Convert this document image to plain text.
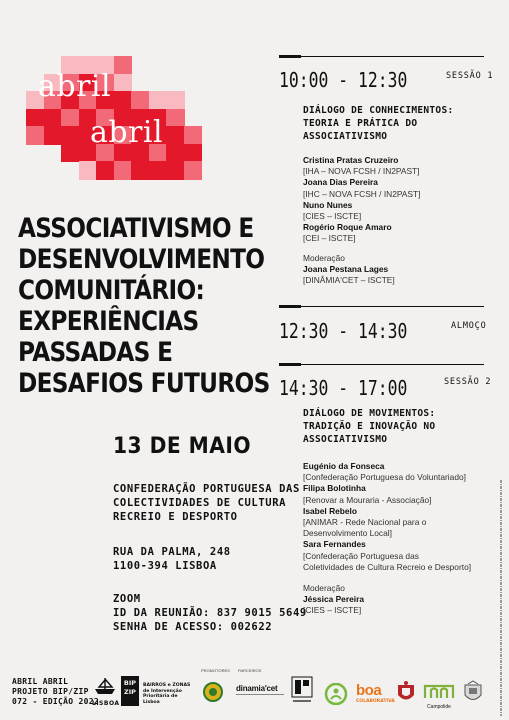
abril
abril
ASSOCIATIVISMO E
DESENVOLVIMENTO
COMUNITÁRIO:
EXPERIÊNCIAS
PASSADAS E
DESAFIOS FUTUROS
13 DE MAIO
CONFEDERAÇÃO PORTUGUESA DAS
COLECTIVIDADES DE CULTURA
RECREIO E DESPORTO
RUA DA PALMA, 248
1100-394 LISBOA
ZOOM
ID DA REUNIÃO: 837 9015 5649
SENHA DE ACESSO: 002622
10:00 - 12:30	SESSÃO 1
DIÁLOGO DE CONHECIMENTOS:
TEORIA E PRÁTICA DO
ASSOCIATIVISMO
Cristina Pratas Cruzeiro
[IHA – NOVA FCSH / IN2PAST]
Joana Dias Pereira
[IHC – NOVA FCSH / IN2PAST]
Nuno Nunes
[CIES – ISCTE]
Rogério Roque Amaro
[CEI – ISCTE]
Moderação
Joana Pestana Lages
[DINÂMIA'CET – ISCTE]
12:30 - 14:30	ALMOÇO
14:30 - 17:00	SESSÃO 2
DIÁLOGO DE MOVIMENTOS:
TRADIÇÃO E INOVAÇÃO NO
ASSOCIATIVISMO
Eugénio da Fonseca
[Confederação Portuguesa do Voluntariado]
Filipa Bolotinha
[Renovar a Mouraria - Associação]
Isabel Rebelo
[ANIMAR - Rede Nacional para o
Desenvolvimento Local]
Sara Fernandes
[Confederação Portuguesa das
Coletividades de Cultura Recreio e Desporto]
Moderação
Jéssica Pereira
[CIES – ISCTE]
ABRIL ABRIL
PROJETO BIP/ZIP
072 - EDIÇÃO 2022
LISBOA
BIP ZIP
BAIRROS e ZONAS de Intervenção Prioritária de Lisboa
PROMOTORES PARCEIROS
dinamia'cet	boa
COLABORATIVA
Campolide
